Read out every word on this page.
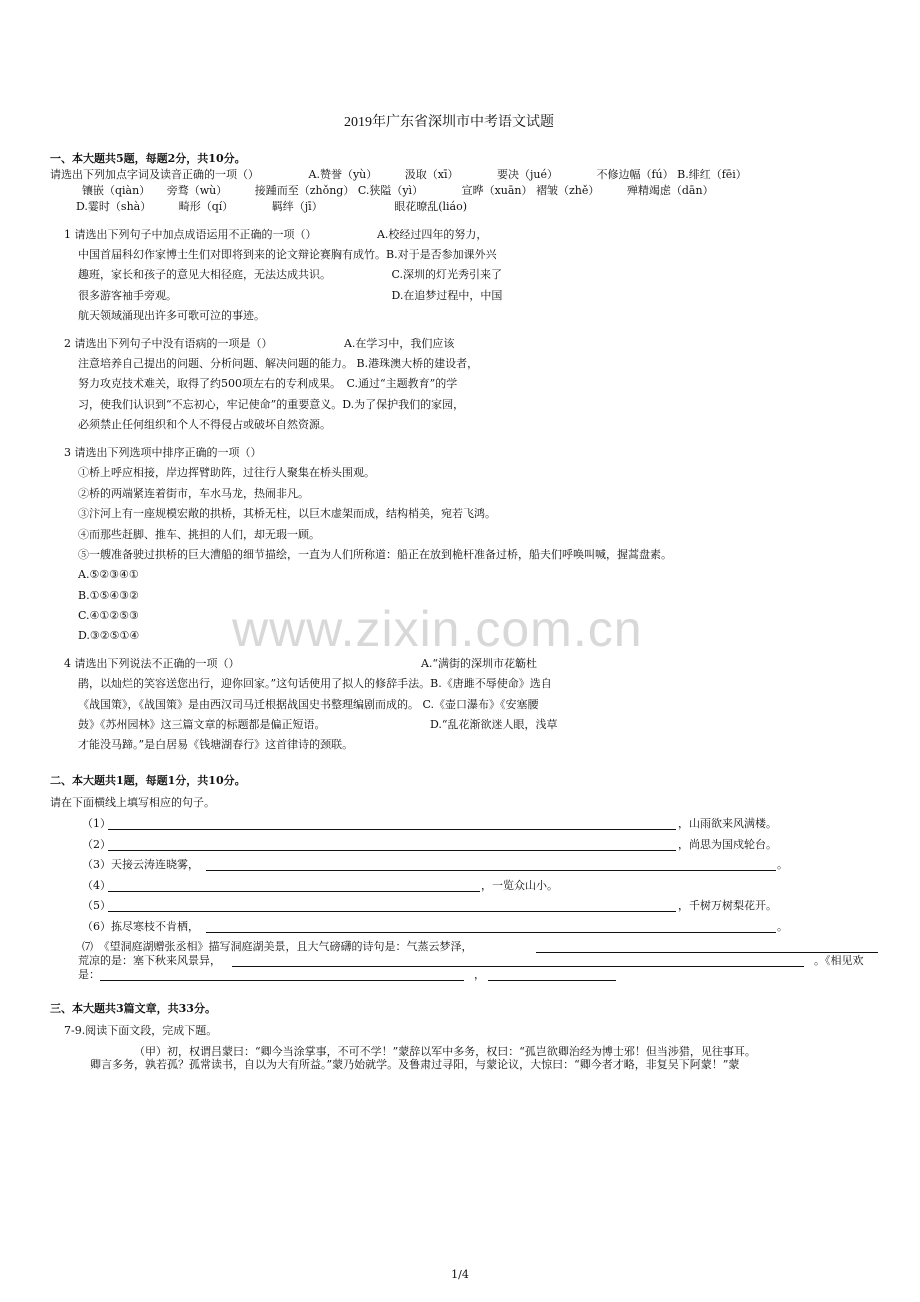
www.zixin.com.cn
2019年广东省深圳市中考语文试题
一、本大题共5题，每题2分，共10分。
请选出下列加点字词及读音正确的一项（）　　　　　A.赞誉（yù）　　　汲取（xī）　　　　要决（jué）　　　　不修边幅（fú） B.绯红（fēi）
镶嵌（qiàn）　　旁骛（wù）　　　接踵而至（zhǒng） C.狭隘（yì）　　　　宣晔（xuān） 褶皱（zhě）　　　殚精竭虑（dān）
D.霎时（shà）　　　畸形（qí）　　　　羁绊（jī）　　　　　　　眼花暸乱(liáo)
1 请选出下列句子中加点成语运用不正确的一项（）　　　　　　A.校经过四年的努力，
中国首届科幻作家博士生们对即将到来的论文辩论赛胸有成竹。B.对于是否参加课外兴
趣班，家长和孩子的意见大相径庭，无法达成共识。　　　　　　C.深圳的灯光秀引来了
很多游客袖手旁观。　　　　　　　　　　　　　　　　　　　　D.在追梦过程中，中国
航天领域涌现出许多可歌可泣的事迹。
2 请选出下列句子中没有语病的一项是（）　　　　　　　A.在学习中，我们应该
注意培养自己提出的问题、分析问题、解决问题的能力。 B.港珠澳大桥的建设者，
努力攻克技术难关，取得了约500项左右的专利成果。　C.通过“主题教育”的学
习，使我们认识到“不忘初心，牢记使命”的重要意义。D.为了保护我们的家园，
必须禁止任何组织和个人不得侵占或破坏自然资源。
3 请选出下列选项中排序正确的一项（）
①桥上呼应相接，岸边挥臂助阵，过往行人聚集在桥头围观。
②桥的两端紧连着街市，车水马龙，热闹非凡。
③汴河上有一座规模宏敞的拱桥，其桥无柱，以巨木虚架而成，结构梢美，宛若飞鸿。
④而那些赶脚、推车、挑担的人们，却无瑕一顾。
⑤一艘准备驶过拱桥的巨大漕船的细节描绘，一直为人们所称道：船正在放到桅杆准备过桥，船夫们呼唤叫喊，握蒿盘素。
A.⑤②③④①
B.①⑤④③②
C.④①②⑤③
D.③②⑤①④
4 请选出下列说法不正确的一项（）　　　　　　　　　　　　　　　　　A.“满街的深圳市花簕杜
鹃，以灿烂的笑容送您出行，迎你回家。”这句话使用了拟人的修辞手法。B.《唐雎不辱使命》选自
《战国策》，《战国策》是由西汉司马迁根据战国史书整理编剧而成的。 C.《壶口瀑布》《安塞腰
鼓》《苏州园林》这三篇文章的标题都是偏正短语。　　　　　　　　　　D.“乱花渐欲迷人眼，浅草
才能没马蹄。”是白居易《钱塘湖春行》这首律诗的颈联。
二、本大题共1题，每题1分，共10分。
请在下面横线上填写相应的句子。
（1）	，山雨欲来风满楼。
（2）	，尚思为国戍轮台。
（3）天接云涛连晓雾，	。
（4）	，一览众山小。
（5）	，千树万树梨花开。
（6）拣尽寒枝不肯栖，	。
⑺　《望洞庭湖赠张丞相》描写洞庭湖美景，且大气磅礴的诗句是：气蒸云梦泽，
荒凉的是：塞下秋来风景异，	。《相见欢
是：	，
三、本大题共3篇文章，共33分。
7-9.阅读下面文段，完成下题。
（甲）初，权谓吕蒙曰：“卿今当涂掌事，不可不学！”蒙辞以军中多务，权曰：“孤岂欲卿治经为博士邪！但当涉猎，见往事耳。
卿言多务，孰若孤？孤常读书，自以为大有所益。”蒙乃始就学。及鲁肃过寻阳，与蒙论议，大惊曰：“卿今者才略，非复吴下阿蒙！”蒙
1/4
